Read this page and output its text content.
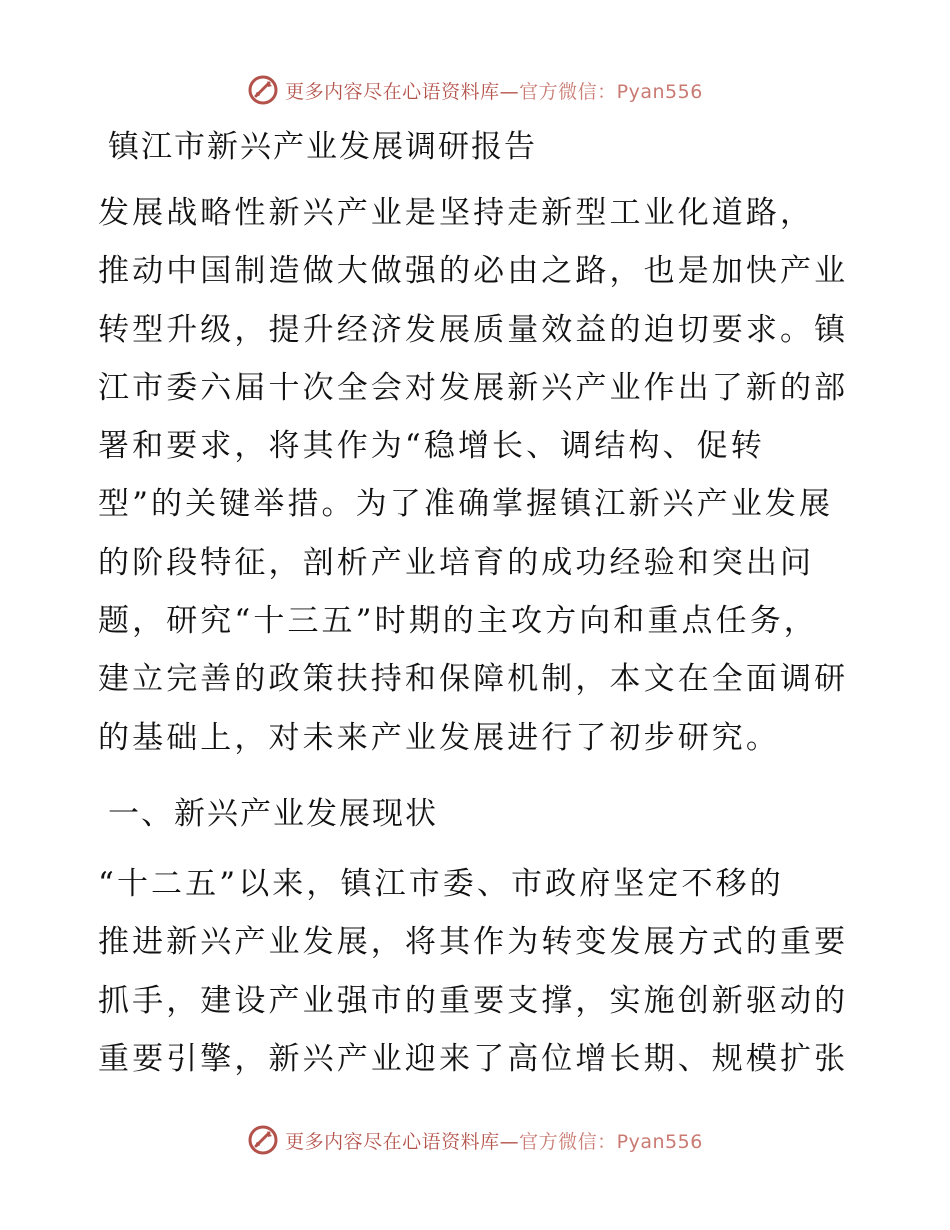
更多内容尽在心语资料库—官方微信：Pyan556
镇江市新兴产业发展调研报告

发展战略性新兴产业是坚持走新型工业化道路，
推动中国制造做大做强的必由之路，也是加快产业
转型升级，提升经济发展质量效益的迫切要求。镇
江市委六届十次全会对发展新兴产业作出了新的部
署和要求，将其作为“稳增长、调结构、促转
型”的关键举措。为了准确掌握镇江新兴产业发展
的阶段特征，剖析产业培育的成功经验和突出问
题，研究“十三五”时期的主攻方向和重点任务，
建立完善的政策扶持和保障机制，本文在全面调研
的基础上，对未来产业发展进行了初步研究。

一、新兴产业发展现状

“十二五”以来，镇江市委、市政府坚定不移的
推进新兴产业发展，将其作为转变发展方式的重要
抓手，建设产业强市的重要支撑，实施创新驱动的
重要引擎，新兴产业迎来了高位增长期、规模扩张

更多内容尽在心语资料库—官方微信：Pyan556
